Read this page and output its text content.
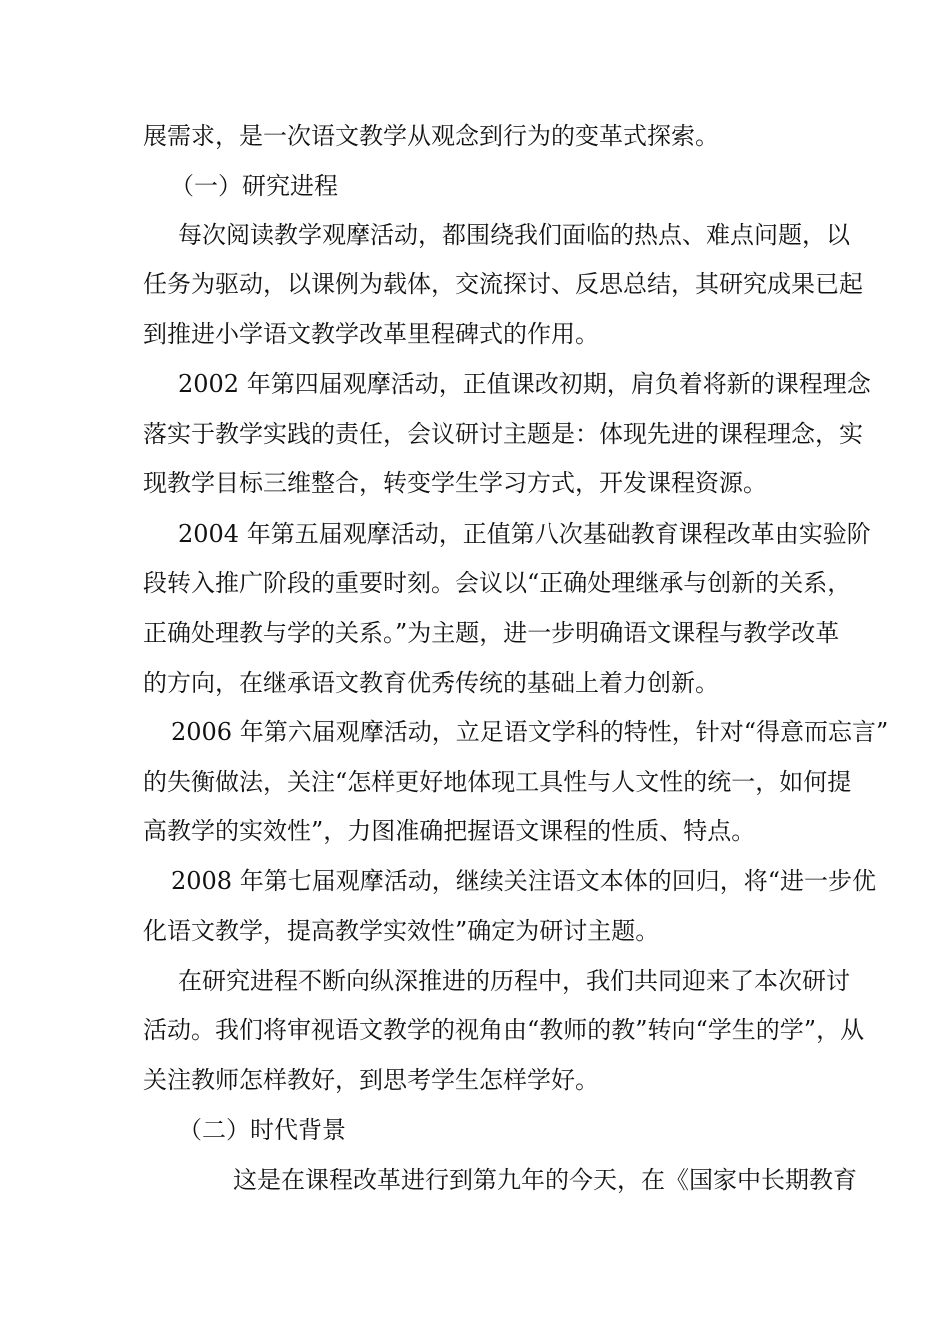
展需求，是一次语文教学从观念到行为的变革式探索。
（一）研究进程
每次阅读教学观摩活动，都围绕我们面临的热点、难点问题，以
任务为驱动，以课例为载体，交流探讨、反思总结，其研究成果已起
到推进小学语文教学改革里程碑式的作用。
2002 年第四届观摩活动，正值课改初期，肩负着将新的课程理念
落实于教学实践的责任，会议研讨主题是：体现先进的课程理念，实
现教学目标三维整合，转变学生学习方式，开发课程资源。
2004 年第五届观摩活动，正值第八次基础教育课程改革由实验阶
段转入推广阶段的重要时刻。会议以“正确处理继承与创新的关系，
正确处理教与学的关系。”为主题，进一步明确语文课程与教学改革
的方向，在继承语文教育优秀传统的基础上着力创新。
2006 年第六届观摩活动，立足语文学科的特性，针对“得意而忘言”
的失衡做法，关注“怎样更好地体现工具性与人文性的统一，如何提
高教学的实效性”，力图准确把握语文课程的性质、特点。
2008 年第七届观摩活动，继续关注语文本体的回归，将“进一步优
化语文教学，提高教学实效性”确定为研讨主题。
在研究进程不断向纵深推进的历程中，我们共同迎来了本次研讨
活动。我们将审视语文教学的视角由“教师的教”转向“学生的学”，从
关注教师怎样教好，到思考学生怎样学好。
（二）时代背景
这是在课程改革进行到第九年的今天，在《国家中长期教育
